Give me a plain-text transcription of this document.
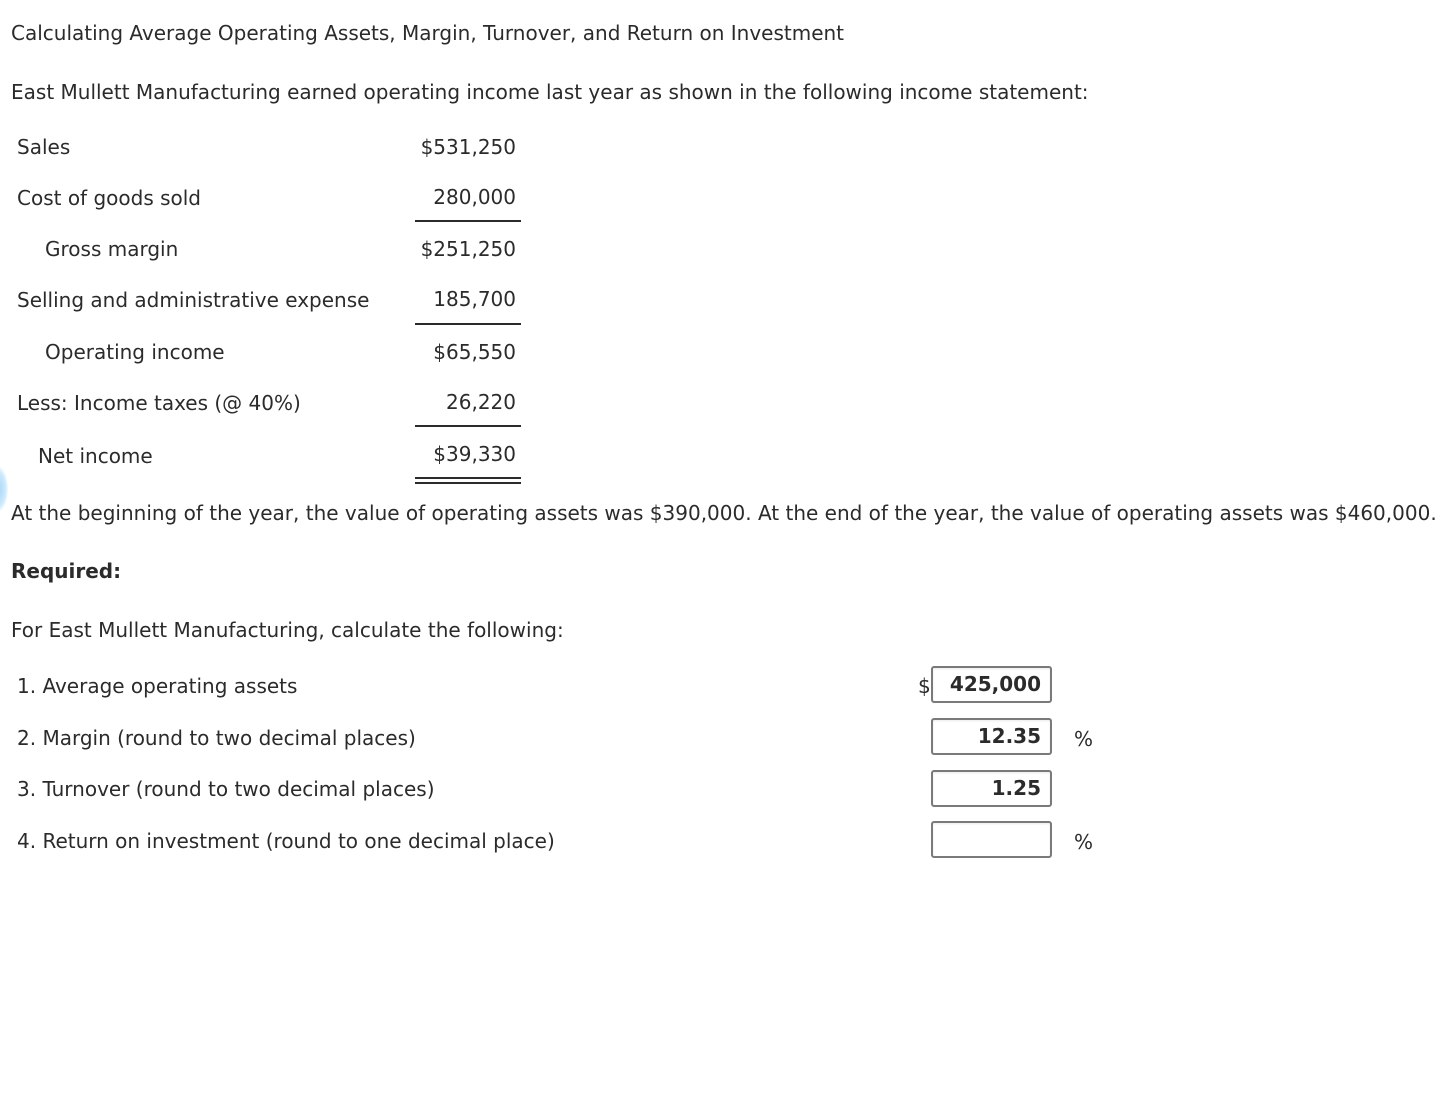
Calculating Average Operating Assets, Margin, Turnover, and Return on Investment
East Mullett Manufacturing earned operating income last year as shown in the following income statement:
Sales	$531,250
Cost of goods sold	280,000
Gross margin	$251,250
Selling and administrative expense	185,700
Operating income	$65,550
Less: Income taxes (@ 40%)	26,220
Net income	$39,330
At the beginning of the year, the value of operating assets was $390,000. At the end of the year, the value of operating assets was $460,000.
Required:
For East Mullett Manufacturing, calculate the following:
1. Average operating assets	$ 425,000
2. Margin (round to two decimal places)	12.35	%
3. Turnover (round to two decimal places)	1.25
4. Return on investment (round to one decimal place)	%
